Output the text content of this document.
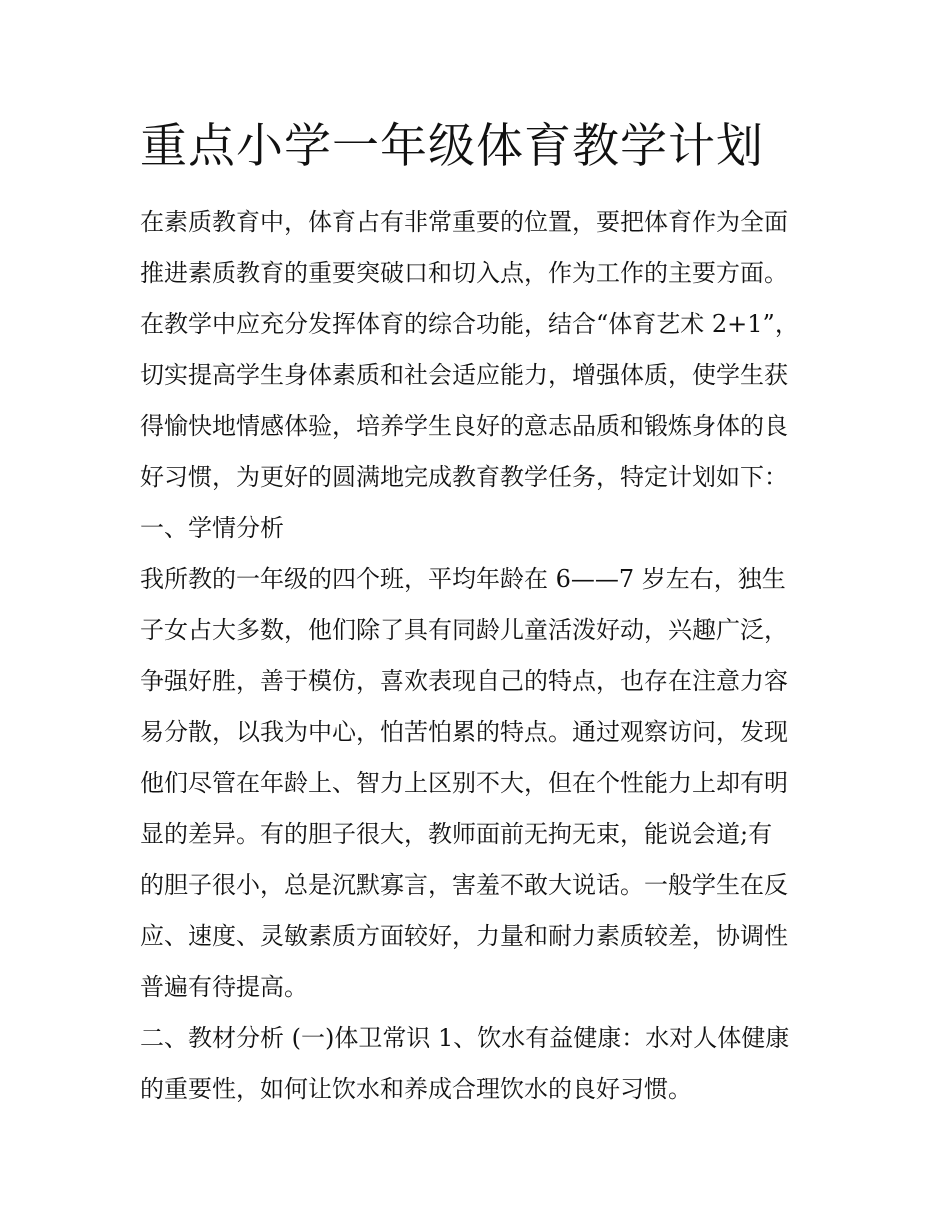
重点小学一年级体育教学计划
在素质教育中，体育占有非常重要的位置，要把体育作为全面
推进素质教育的重要突破口和切入点，作为工作的主要方面。
在教学中应充分发挥体育的综合功能，结合“体育艺术 2+1”，
切实提高学生身体素质和社会适应能力，增强体质，使学生获
得愉快地情感体验，培养学生良好的意志品质和锻炼身体的良
好习惯，为更好的圆满地完成教育教学任务，特定计划如下：
一、学情分析
我所教的一年级的四个班，平均年龄在 6——7 岁左右，独生
子女占大多数，他们除了具有同龄儿童活泼好动，兴趣广泛，
争强好胜，善于模仿，喜欢表现自己的特点，也存在注意力容
易分散，以我为中心，怕苦怕累的特点。通过观察访问，发现
他们尽管在年龄上、智力上区别不大，但在个性能力上却有明
显的差异。有的胆子很大，教师面前无拘无束，能说会道;有
的胆子很小，总是沉默寡言，害羞不敢大说话。一般学生在反
应、速度、灵敏素质方面较好，力量和耐力素质较差，协调性
普遍有待提高。
二、教材分析 (一)体卫常识 1、饮水有益健康：水对人体健康
的重要性，如何让饮水和养成合理饮水的良好习惯。
